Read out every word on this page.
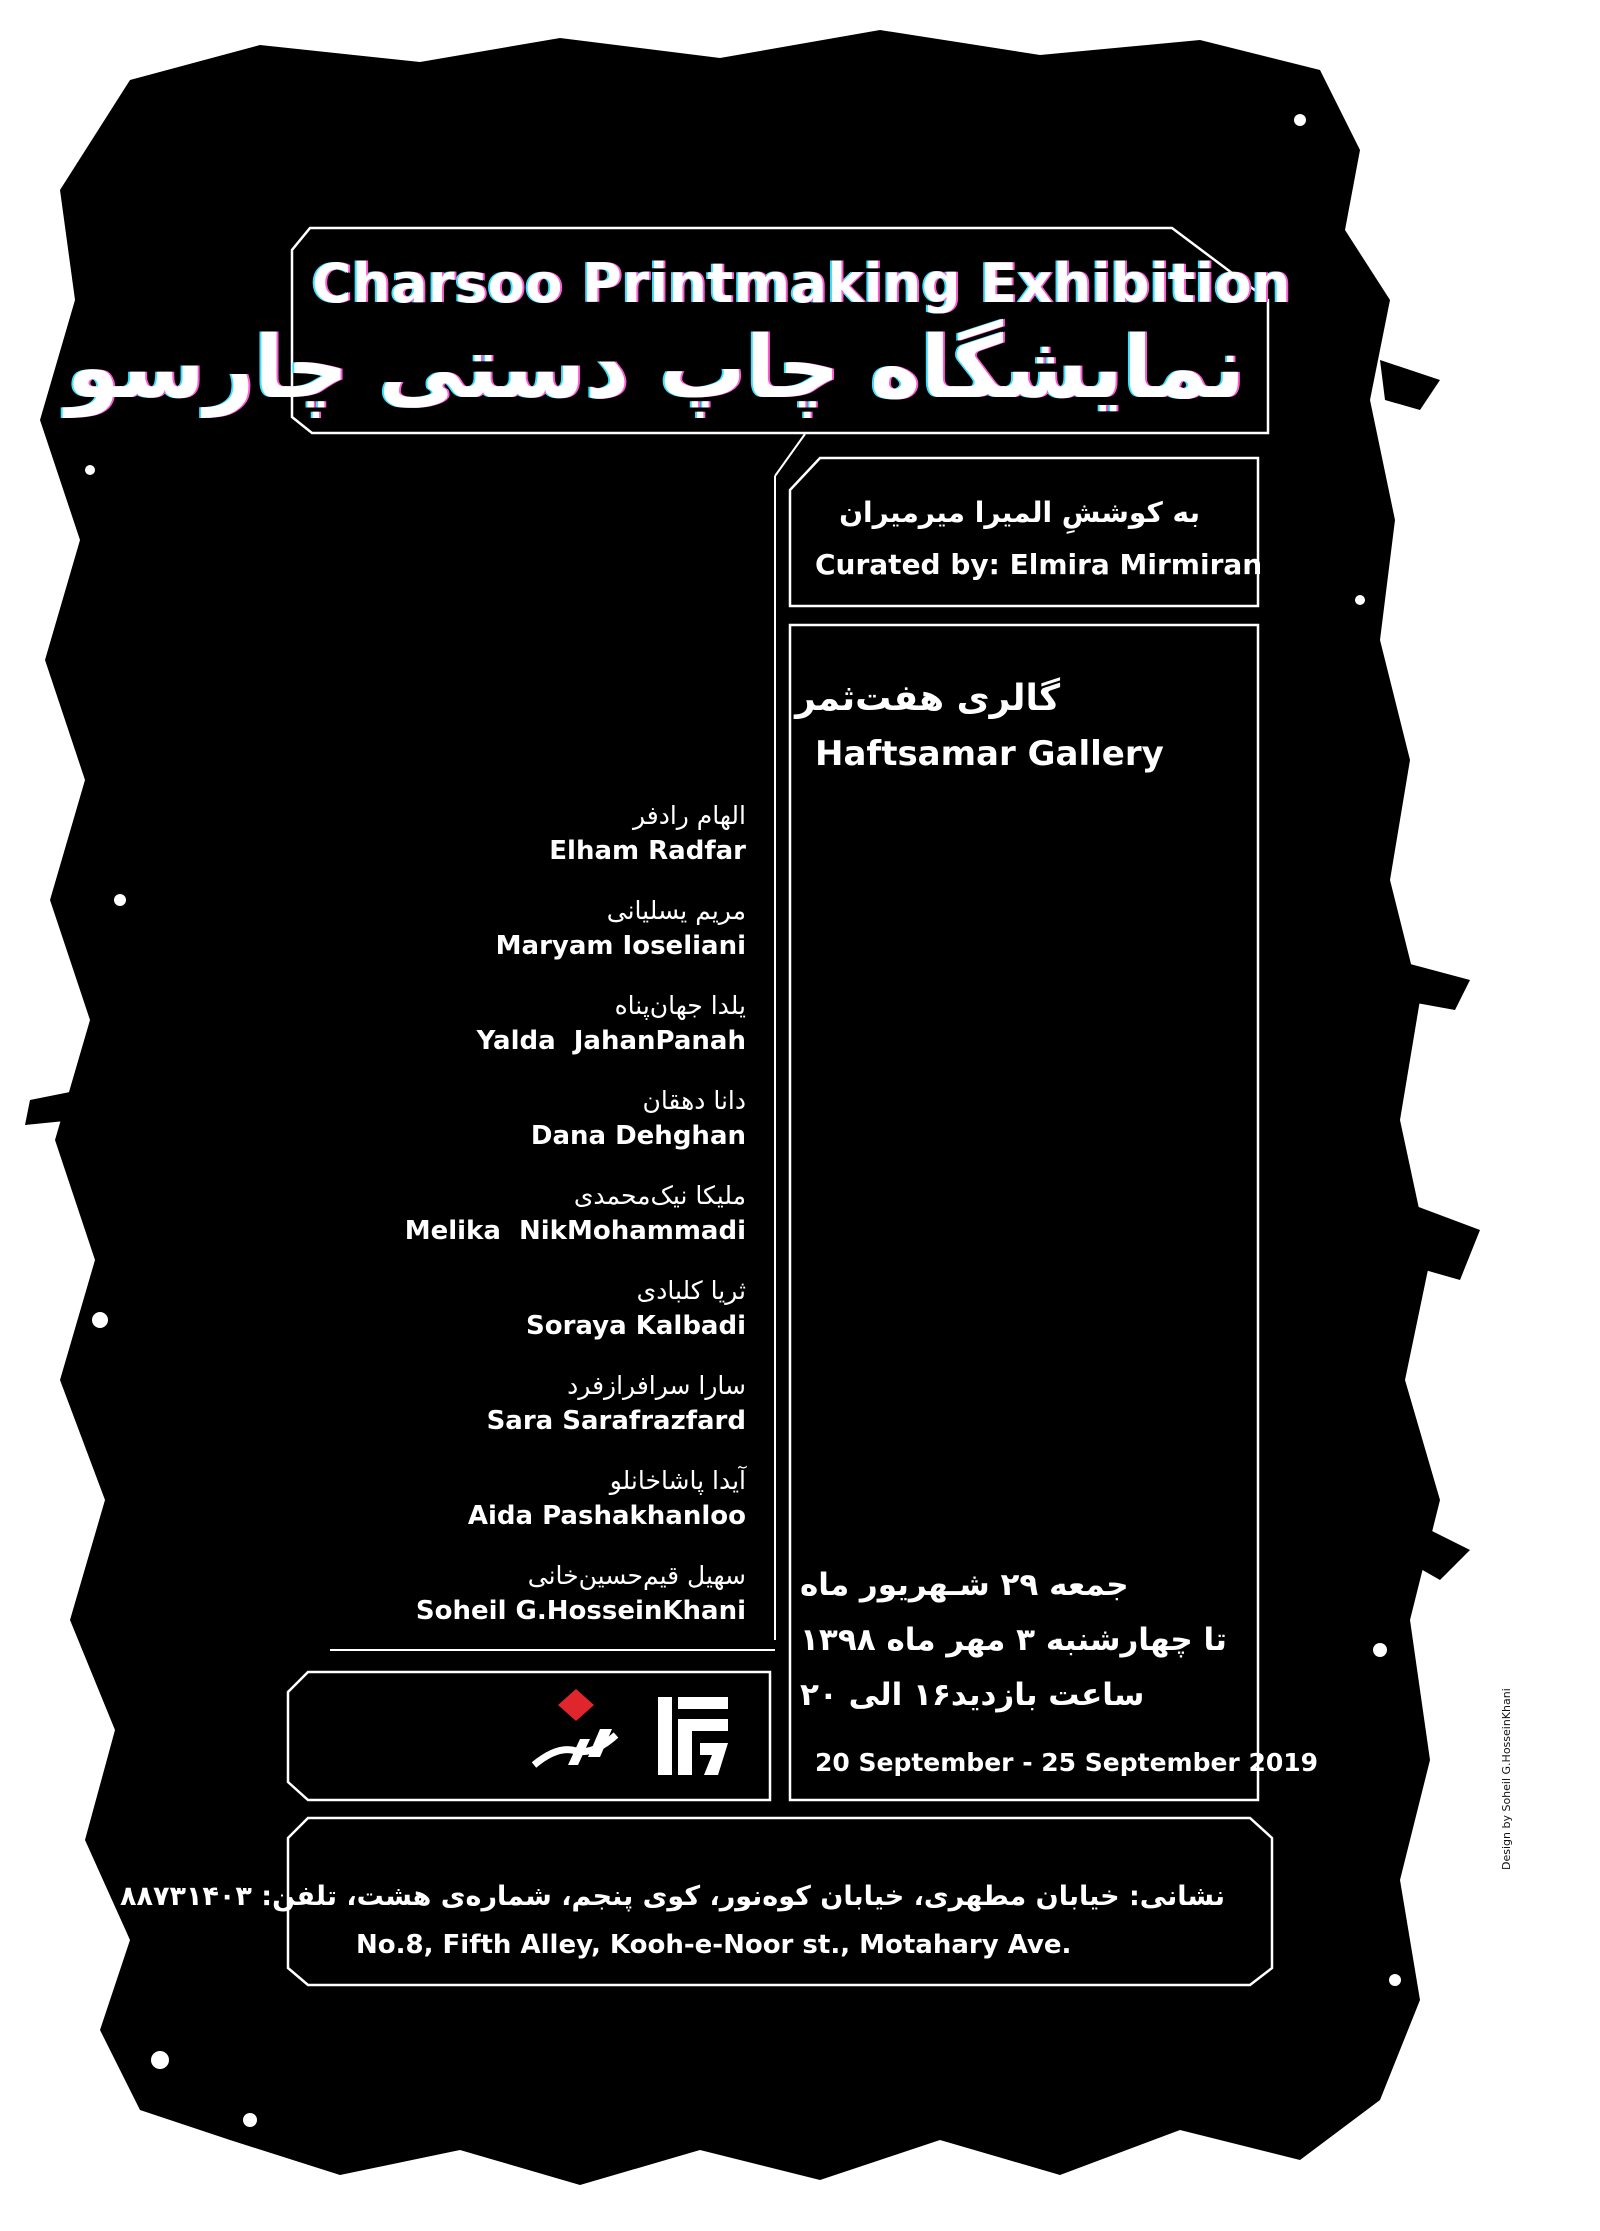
Charsoo Printmaking Exhibition
نمایشگاه چاپ دستی چارسو
به کوششِ المیرا میرمیران
Curated by: Elmira Mirmiran
گالری هفت‌ثمر
Haftsamar Gallery
الهام رادفر
Elham Radfar
مریم یسلیانی
Maryam Ioseliani
یلدا جهان‌پناه
Yalda  JahanPanah
دانا دهقان
Dana Dehghan
ملیکا نیک‌محمدی
Melika  NikMohammadi
ثریا کلبادی
Soraya Kalbadi
سارا سرافرازفرد
Sara Sarafrazfard
آیدا پاشاخانلو
Aida Pashakhanloo
سهیل قیم‌حسین‌خانی
Soheil G.HosseinKhani
جمعه ۲۹ شـهریور ماه
تا چهارشنبه ۳ مهر ماه ۱۳۹۸
ساعت بازدید۱۶ الی ۲۰
20 September - 25 September 2019
نشانی: خیابان مطهری، خیابان کوه‌نور، کوی پنجم، شماره‌ی هشت، تلفن: ۸۸۷۳۱۴۰۳
No.8, Fifth Alley, Kooh-e-Noor st., Motahary Ave.
Design by Soheil G.HosseinKhani
